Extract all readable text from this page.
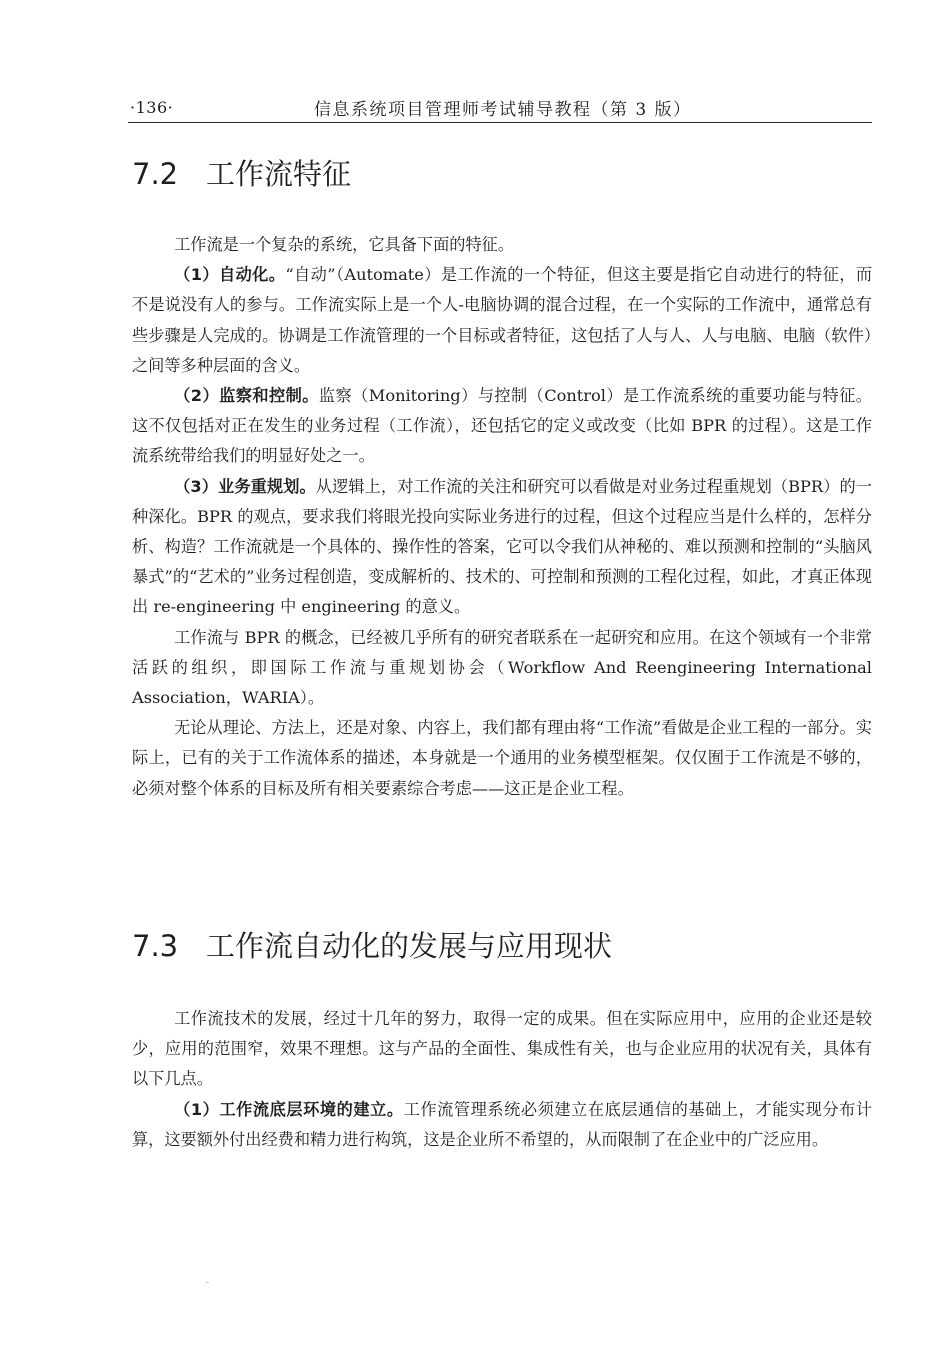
·136·	信息系统项目管理师考试辅导教程（第 3 版）
7.2 工作流特征

工作流是一个复杂的系统，它具备下面的特征。

（1）自动化。“自动”（Automate）是工作流的一个特征，但这主要是指它自动进行的特征，而不是说没有人的参与。工作流实际上是一个人-电脑协调的混合过程，在一个实际的工作流中，通常总有些步骤是人完成的。协调是工作流管理的一个目标或者特征，这包括了人与人、人与电脑、电脑（软件）之间等多种层面的含义。

（2）监察和控制。监察（Monitoring）与控制（Control）是工作流系统的重要功能与特征。这不仅包括对正在发生的业务过程（工作流），还包括它的定义或改变（比如 BPR 的过程）。这是工作流系统带给我们的明显好处之一。

（3）业务重规划。从逻辑上，对工作流的关注和研究可以看做是对业务过程重规划（BPR）的一种深化。BPR 的观点，要求我们将眼光投向实际业务进行的过程，但这个过程应当是什么样的，怎样分析、构造？工作流就是一个具体的、操作性的答案，它可以令我们从神秘的、难以预测和控制的“头脑风暴式”的“艺术的”业务过程创造，变成解析的、技术的、可控制和预测的工程化过程，如此，才真正体现出 re-engineering 中 engineering 的意义。

工作流与 BPR 的概念，已经被几乎所有的研究者联系在一起研究和应用。在这个领域有一个非常活跃的组织，即国际工作流与重规划协会（Workflow And Reengineering International Association，WARIA）。

无论从理论、方法上，还是对象、内容上，我们都有理由将“工作流”看做是企业工程的一部分。实际上，已有的关于工作流体系的描述，本身就是一个通用的业务模型框架。仅仅囿于工作流是不够的，必须对整个体系的目标及所有相关要素综合考虑——这正是企业工程。

7.3 工作流自动化的发展与应用现状

工作流技术的发展，经过十几年的努力，取得一定的成果。但在实际应用中，应用的企业还是较少，应用的范围窄，效果不理想。这与产品的全面性、集成性有关，也与企业应用的状况有关，具体有以下几点。

（1）工作流底层环境的建立。工作流管理系统必须建立在底层通信的基础上，才能实现分布计算，这要额外付出经费和精力进行构筑，这是企业所不希望的，从而限制了在企业中的广泛应用。
